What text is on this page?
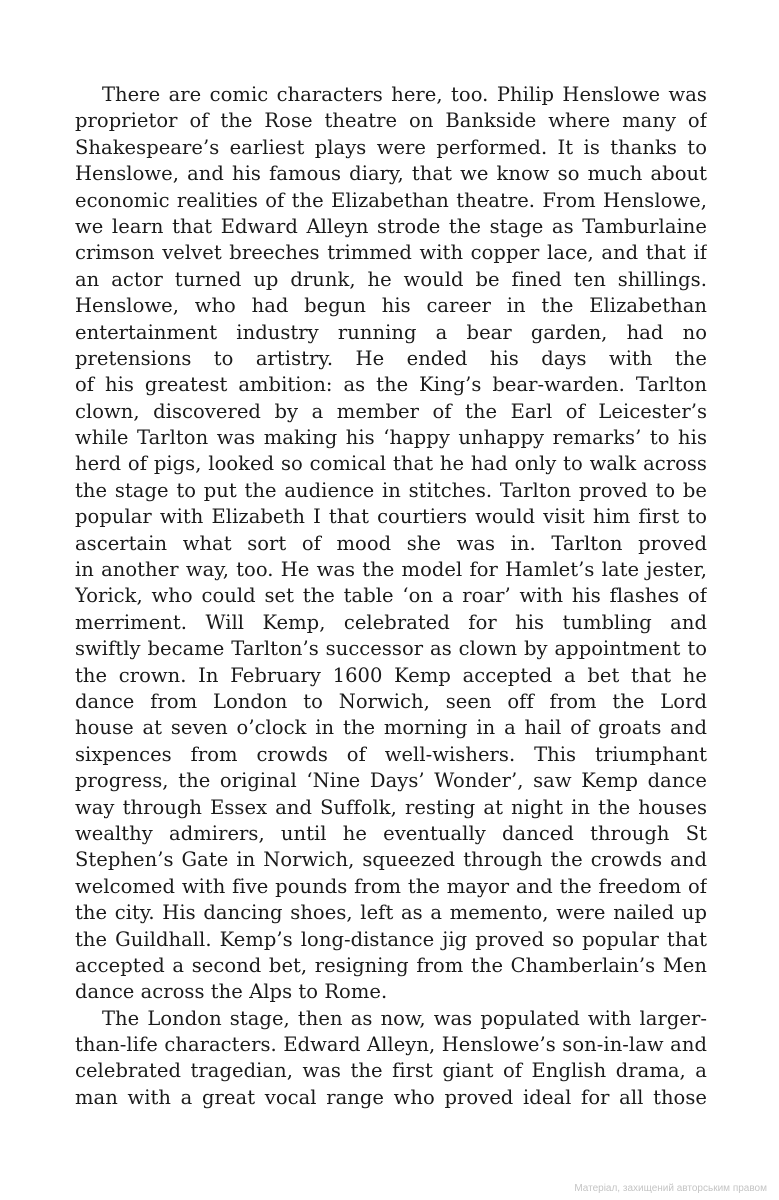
There are comic characters here, too. Philip Henslowe was
proprietor of the Rose theatre on Bankside where many of
Shakespeare’s earliest plays were performed. It is thanks to
Henslowe, and his famous diary, that we know so much about
economic realities of the Elizabethan theatre. From Henslowe,
we learn that Edward Alleyn strode the stage as Tamburlaine
crimson velvet breeches trimmed with copper lace, and that if
an actor turned up drunk, he would be fined ten shillings.
Henslowe, who had begun his career in the Elizabethan
entertainment industry running a bear garden, had no
pretensions to artistry. He ended his days with the
of his greatest ambition: as the King’s bear-warden. Tarlton
clown, discovered by a member of the Earl of Leicester’s
while Tarlton was making his ‘happy unhappy remarks’ to his
herd of pigs, looked so comical that he had only to walk across
the stage to put the audience in stitches. Tarlton proved to be
popular with Elizabeth I that courtiers would visit him first to
ascertain what sort of mood she was in. Tarlton proved
in another way, too. He was the model for Hamlet’s late jester,
Yorick, who could set the table ‘on a roar’ with his flashes of
merriment. Will Kemp, celebrated for his tumbling and
swiftly became Tarlton’s successor as clown by appointment to
the crown. In February 1600 Kemp accepted a bet that he
dance from London to Norwich, seen off from the Lord
house at seven o’clock in the morning in a hail of groats and
sixpences from crowds of well-wishers. This triumphant
progress, the original ‘Nine Days’ Wonder’, saw Kemp dance
way through Essex and Suffolk, resting at night in the houses
wealthy admirers, until he eventually danced through St
Stephen’s Gate in Norwich, squeezed through the crowds and
welcomed with five pounds from the mayor and the freedom of
the city. His dancing shoes, left as a memento, were nailed up
the Guildhall. Kemp’s long-distance jig proved so popular that
accepted a second bet, resigning from the Chamberlain’s Men
dance across the Alps to Rome.
The London stage, then as now, was populated with larger-
than-life characters. Edward Alleyn, Henslowe’s son-in-law and
celebrated tragedian, was the first giant of English drama, a
man with a great vocal range who proved ideal for all those
Матеріал, захищений авторським правом
